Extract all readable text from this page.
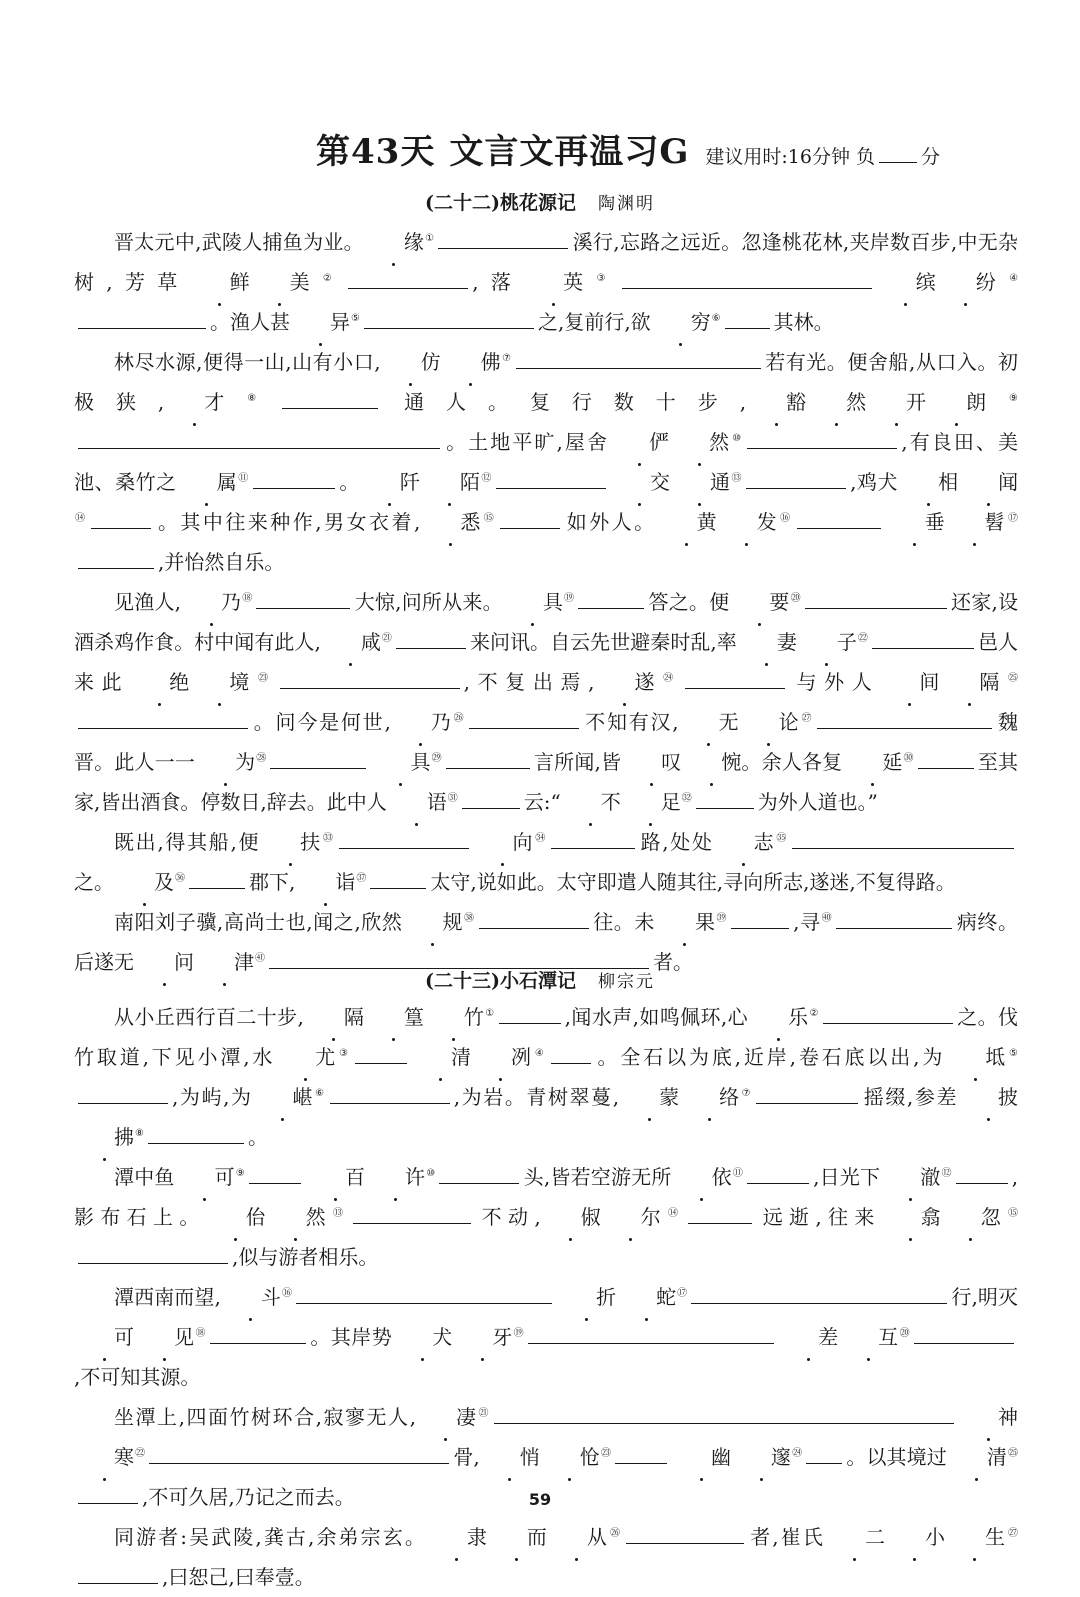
第43天 文言文再温习G 建议用时:16分钟 负 分
(二十二)桃花源记 陶渊明

晋太元中,武陵人捕鱼为业。 缘①	溪行,忘路之远近。忽逢桃花林,夹岸数百步,中无杂树,芳草 鲜 美②	,落 英③	缤 纷④。渔人甚 异⑤	之,复前行,欲 穷⑥	其林。

林尽水源,便得一山,山有小口, 仿 佛⑦	若有光。便舍船,从口入。初极狭, 才⑧	通人。复行数十步, 豁 然 开 朗⑨。土地平旷,屋舍 俨 然⑩	,有良田、美池、桑竹之 属⑪	。 阡 陌⑫	交 通⑬	,鸡犬 相 闻⑭	。其中往来种作,男女衣着, 悉⑮	如外人。 黄 发⑯	垂 髫⑰,并怡然自乐。

见渔人, 乃⑱	大惊,问所从来。 具⑲	答之。便 要⑳	还家,设酒杀鸡作食。村中闻有此人, 咸$^㉑$	来问讯。自云先世避秦时乱,率 妻 子$^㉒$	邑人来此 绝 境$^㉓$	,不复出焉, 遂$^㉔$	与外人 间 隔$^㉕$。问今是何世, 乃$^㉖$	不知有汉, 无 论$^㉗$	魏晋。此人一一 为$^㉘$	具$^㉙$	言所闻,皆 叹 惋。余人各复 延$^㉚$	至其家,皆出酒食。停数日,辞去。此中人 语$^㉛$	云:“ 不 足$^㉜$	为外人道也。”

既出,得其船,便 扶$^㉝$	向$^㉞$	路,处处 志$^㉟$之。 及$^㊱$	郡下, 诣$^㊲$	太守,说如此。太守即遣人随其往,寻向所志,遂迷,不复得路。

南阳刘子骥,高尚士也,闻之,欣然 规$^㊳$	往。未 果$^㊴$	,寻$^㊵$	病终。后遂无 问 津$^㊶$	者。

(二十三)小石潭记 柳宗元

从小丘西行百二十步, 隔 篁 竹①	,闻水声,如鸣佩环,心 乐②	之。伐竹取道,下见小潭,水 尤③	清 冽④ 。全石以为底,近岸,卷石底以出,为 坻⑤,为屿,为 嵁⑥	,为岩。青树翠蔓, 蒙 络⑦	摇缀,参差 披拂⑧	。

潭中鱼 可⑨	百 许⑩	头,皆若空游无所 依⑪	,日光下 澈⑫	,影布石上。 佁 然⑬	不动, 俶 尔⑭	远逝,往来 翕 忽⑮,似与游者相乐。

潭西南而望, 斗⑯	折 蛇⑰	行,明灭可 见⑱	。其岸势 犬 牙⑲	差 互⑳,不可知其源。

坐潭上,四面竹树环合,寂寥无人, 凄$^㉑$	神寒$^㉒$	骨, 悄 怆$^㉓$	幽 邃$^㉔$ 。以其境过 清$^㉕$,不可久居,乃记之而去。

同游者:吴武陵,龚古,余弟宗玄。 隶 而 从$^㉖$	者,崔氏 二 小 生$^㉗$,曰恕己,曰奉壹。

59
